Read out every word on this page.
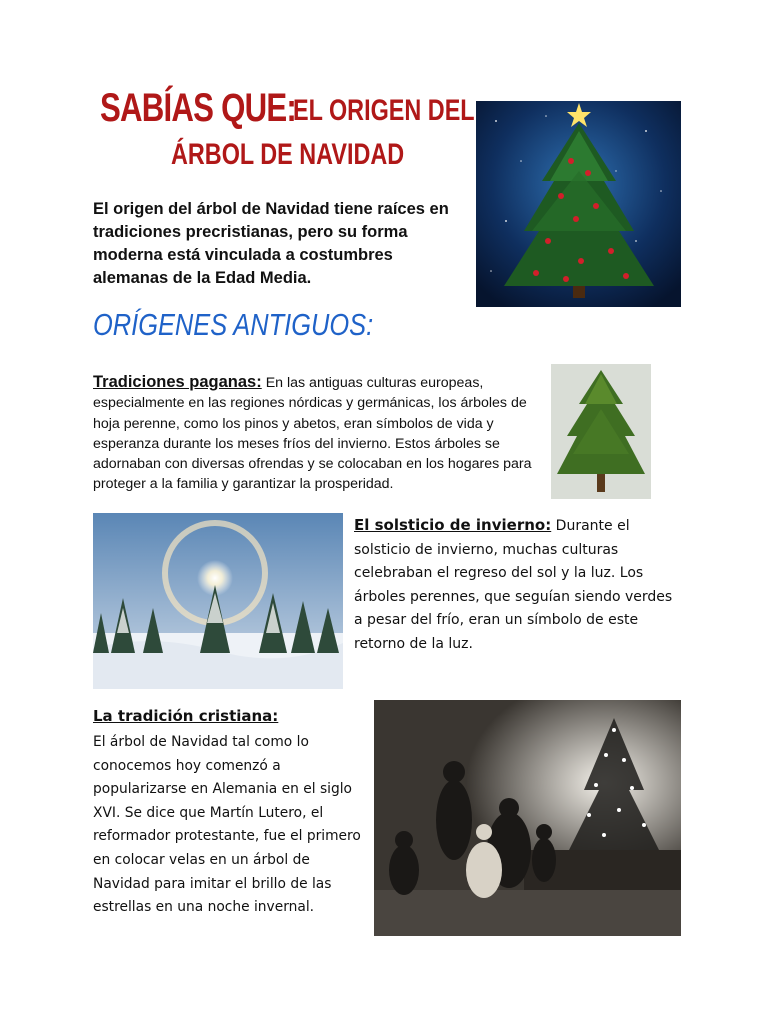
SABÍAS QUE:
EL ORIGEN DEL
ÁRBOL DE NAVIDAD
El origen del árbol de Navidad tiene raíces en tradiciones precristianas, pero su forma moderna está vinculada a costumbres alemanas de la Edad Media.
ORÍGENES ANTIGUOS:
Tradiciones paganas: En las antiguas culturas europeas, especialmente en las regiones nórdicas y germánicas, los árboles de hoja perenne, como los pinos y abetos, eran símbolos de vida y esperanza durante los meses fríos del invierno. Estos árboles se adornaban con diversas ofrendas y se colocaban en los hogares para proteger a la familia y garantizar la prosperidad.
El solsticio de invierno: Durante el solsticio de invierno, muchas culturas celebraban el regreso del sol y la luz. Los árboles perennes, que seguían siendo verdes a pesar del frío, eran un símbolo de este retorno de la luz.
La tradición cristiana:
El árbol de Navidad tal como lo conocemos hoy comenzó a popularizarse en Alemania en el siglo XVI. Se dice que Martín Lutero, el reformador protestante, fue el primero en colocar velas en un árbol de Navidad para imitar el brillo de las estrellas en una noche invernal.
